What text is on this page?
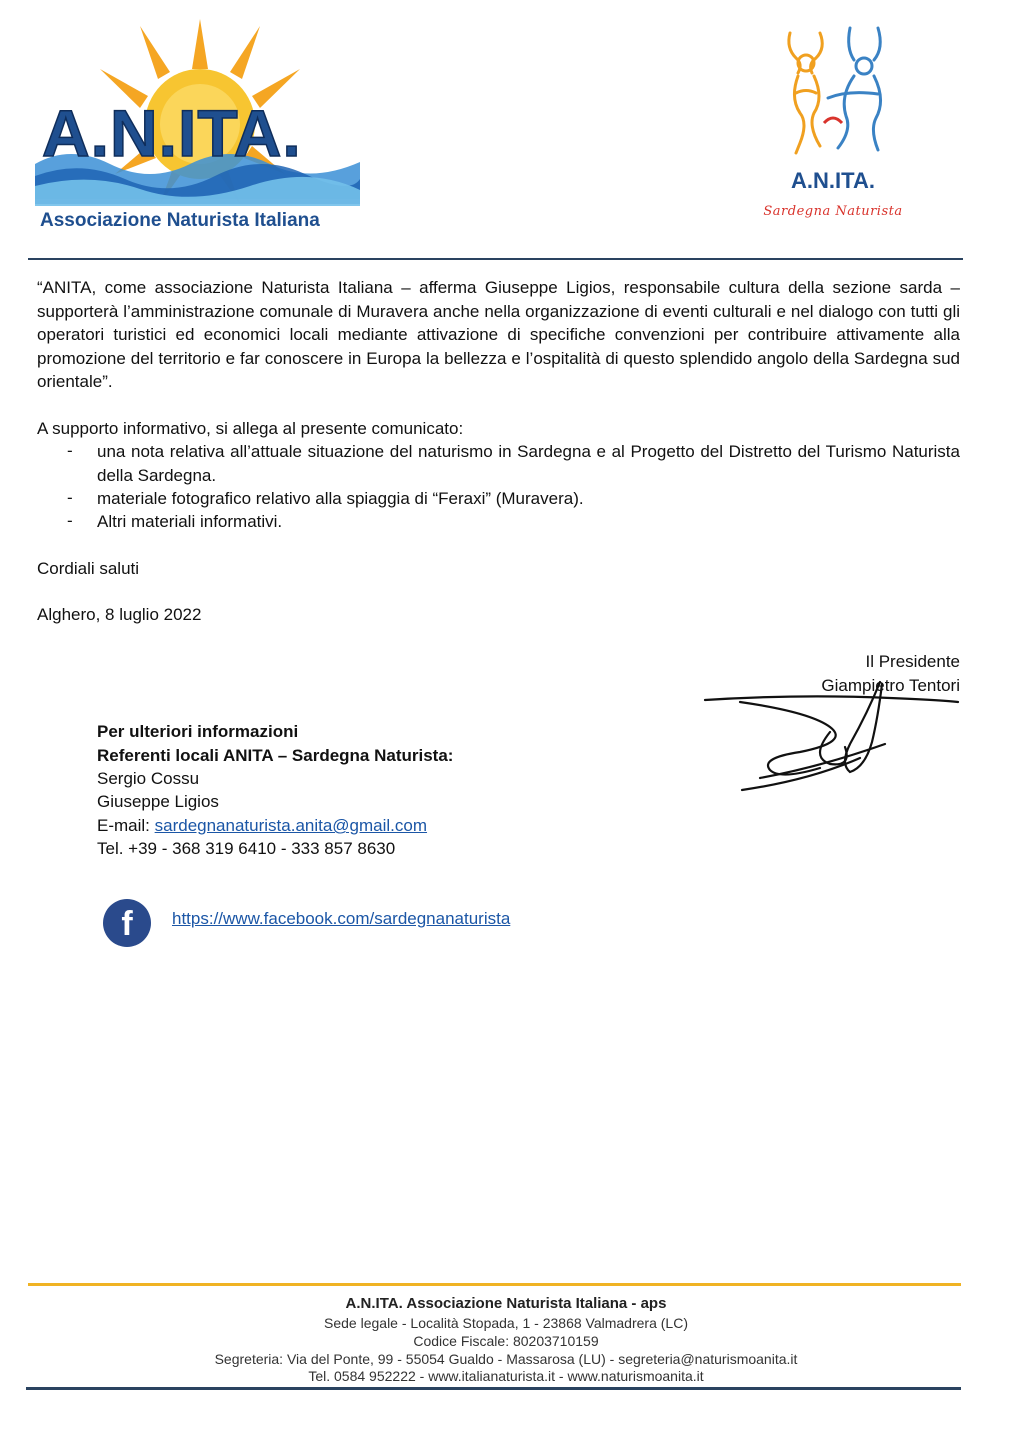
A.N.ITA.
Associazione Naturista Italiana
A.N.ITA.
Sardegna Naturista
“ANITA, come associazione Naturista Italiana – afferma Giuseppe Ligios, responsabile cultura della sezione sarda – supporterà l’amministrazione comunale di Muravera anche nella organizzazione di eventi culturali e nel dialogo con tutti gli operatori turistici ed economici locali mediante attivazione di specifiche convenzioni per contribuire attivamente alla promozione del territorio e far conoscere in Europa la bellezza e l’ospitalità di questo splendido angolo della Sardegna sud orientale”.
A supporto informativo, si allega al presente comunicato:
- una nota relativa all’attuale situazione del naturismo in Sardegna e al Progetto del Distretto del Turismo Naturista della Sardegna.
- materiale fotografico relativo alla spiaggia di “Feraxi” (Muravera).
- Altri materiali informativi.
Cordiali saluti
Alghero, 8 luglio 2022
Il Presidente
Giampietro Tentori
Per ulteriori informazioni
Referenti locali ANITA – Sardegna Naturista:
Sergio Cossu
Giuseppe Ligios
E-mail: sardegnanaturista.anita@gmail.com
Tel. +39 - 368 319 6410 - 333 857 8630
f	https://www.facebook.com/sardegnanaturista
A.N.ITA. Associazione Naturista Italiana - aps
Sede legale - Località Stopada, 1 - 23868 Valmadrera (LC)
Codice Fiscale: 80203710159
Segreteria: Via del Ponte, 99 - 55054 Gualdo - Massarosa (LU) - segreteria@naturismoanita.it
Tel. 0584 952222 - www.italianaturista.it - www.naturismoanita.it
